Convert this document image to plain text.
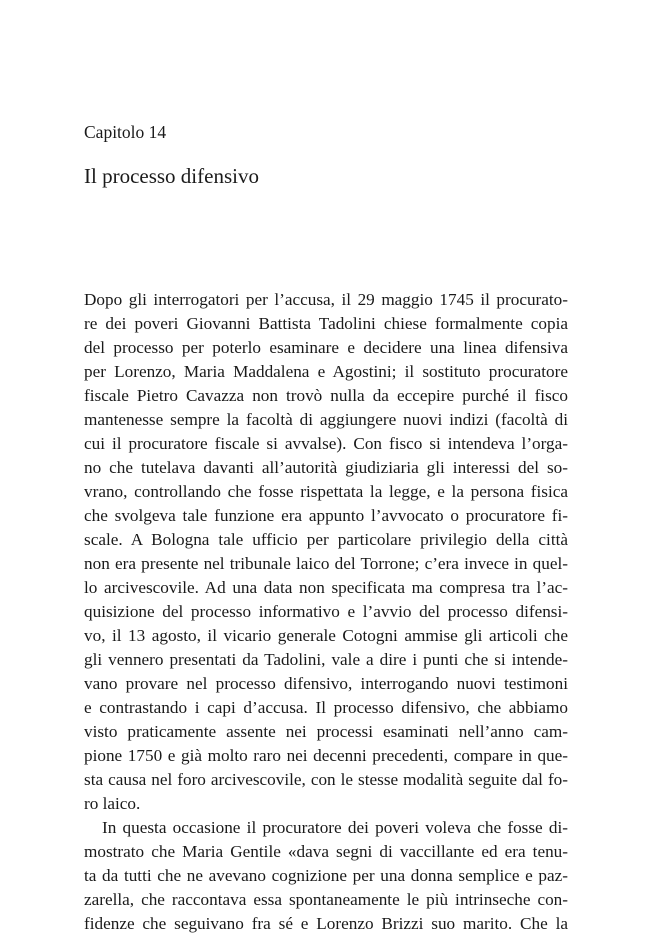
Capitolo 14
Il processo difensivo
Dopo gli interrogatori per l’accusa, il 29 maggio 1745 il procurato-
re dei poveri Giovanni Battista Tadolini chiese formalmente copia
del processo per poterlo esaminare e decidere una linea difensiva
per Lorenzo, Maria Maddalena e Agostini; il sostituto procuratore
fiscale Pietro Cavazza non trovò nulla da eccepire purché il fisco
mantenesse sempre la facoltà di aggiungere nuovi indizi (facoltà di
cui il procuratore fiscale si avvalse). Con fisco si intendeva l’orga-
no che tutelava davanti all’autorità giudiziaria gli interessi del so-
vrano, controllando che fosse rispettata la legge, e la persona fisica
che svolgeva tale funzione era appunto l’avvocato o procuratore fi-
scale. A Bologna tale ufficio per particolare privilegio della città
non era presente nel tribunale laico del Torrone; c’era invece in quel-
lo arcivescovile. Ad una data non specificata ma compresa tra l’ac-
quisizione del processo informativo e l’avvio del processo difensi-
vo, il 13 agosto, il vicario generale Cotogni ammise gli articoli che
gli vennero presentati da Tadolini, vale a dire i punti che si intende-
vano provare nel processo difensivo, interrogando nuovi testimoni
e contrastando i capi d’accusa. Il processo difensivo, che abbiamo
visto praticamente assente nei processi esaminati nell’anno cam-
pione 1750 e già molto raro nei decenni precedenti, compare in que-
sta causa nel foro arcivescovile, con le stesse modalità seguite dal fo-
ro laico.
In questa occasione il procuratore dei poveri voleva che fosse di-
mostrato che Maria Gentile «dava segni di vaccillante ed era tenu-
ta da tutti che ne avevano cognizione per una donna semplice e paz-
zarella, che raccontava essa spontaneamente le più intrinseche con-
fidenze che seguivano fra sé e Lorenzo Brizzi suo marito. Che la
